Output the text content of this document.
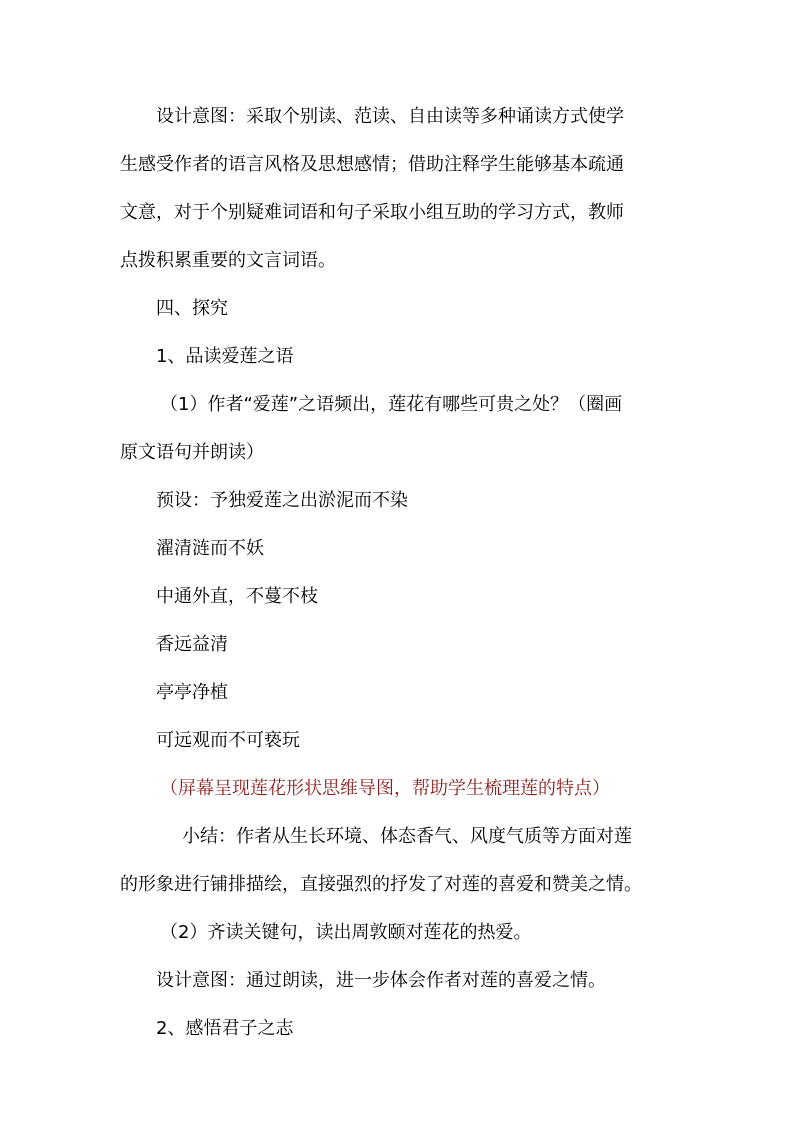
设计意图：采取个别读、范读、自由读等多种诵读方式使学

生感受作者的语言风格及思想感情；借助注释学生能够基本疏通

文意，对于个别疑难词语和句子采取小组互助的学习方式，教师

点拨积累重要的文言词语。

四、探究

1、品读爱莲之语

（1）作者“爱莲”之语频出，莲花有哪些可贵之处？（圈画

原文语句并朗读）

预设：予独爱莲之出淤泥而不染

濯清涟而不妖

中通外直，不蔓不枝

香远益清

亭亭净植

可远观而不可亵玩

（屏幕呈现莲花形状思维导图，帮助学生梳理莲的特点）

小结：作者从生长环境、体态香气、风度气质等方面对莲

的形象进行铺排描绘，直接强烈的抒发了对莲的喜爱和赞美之情。

（2）齐读关键句，读出周敦颐对莲花的热爱。

设计意图：通过朗读，进一步体会作者对莲的喜爱之情。

2、感悟君子之志
